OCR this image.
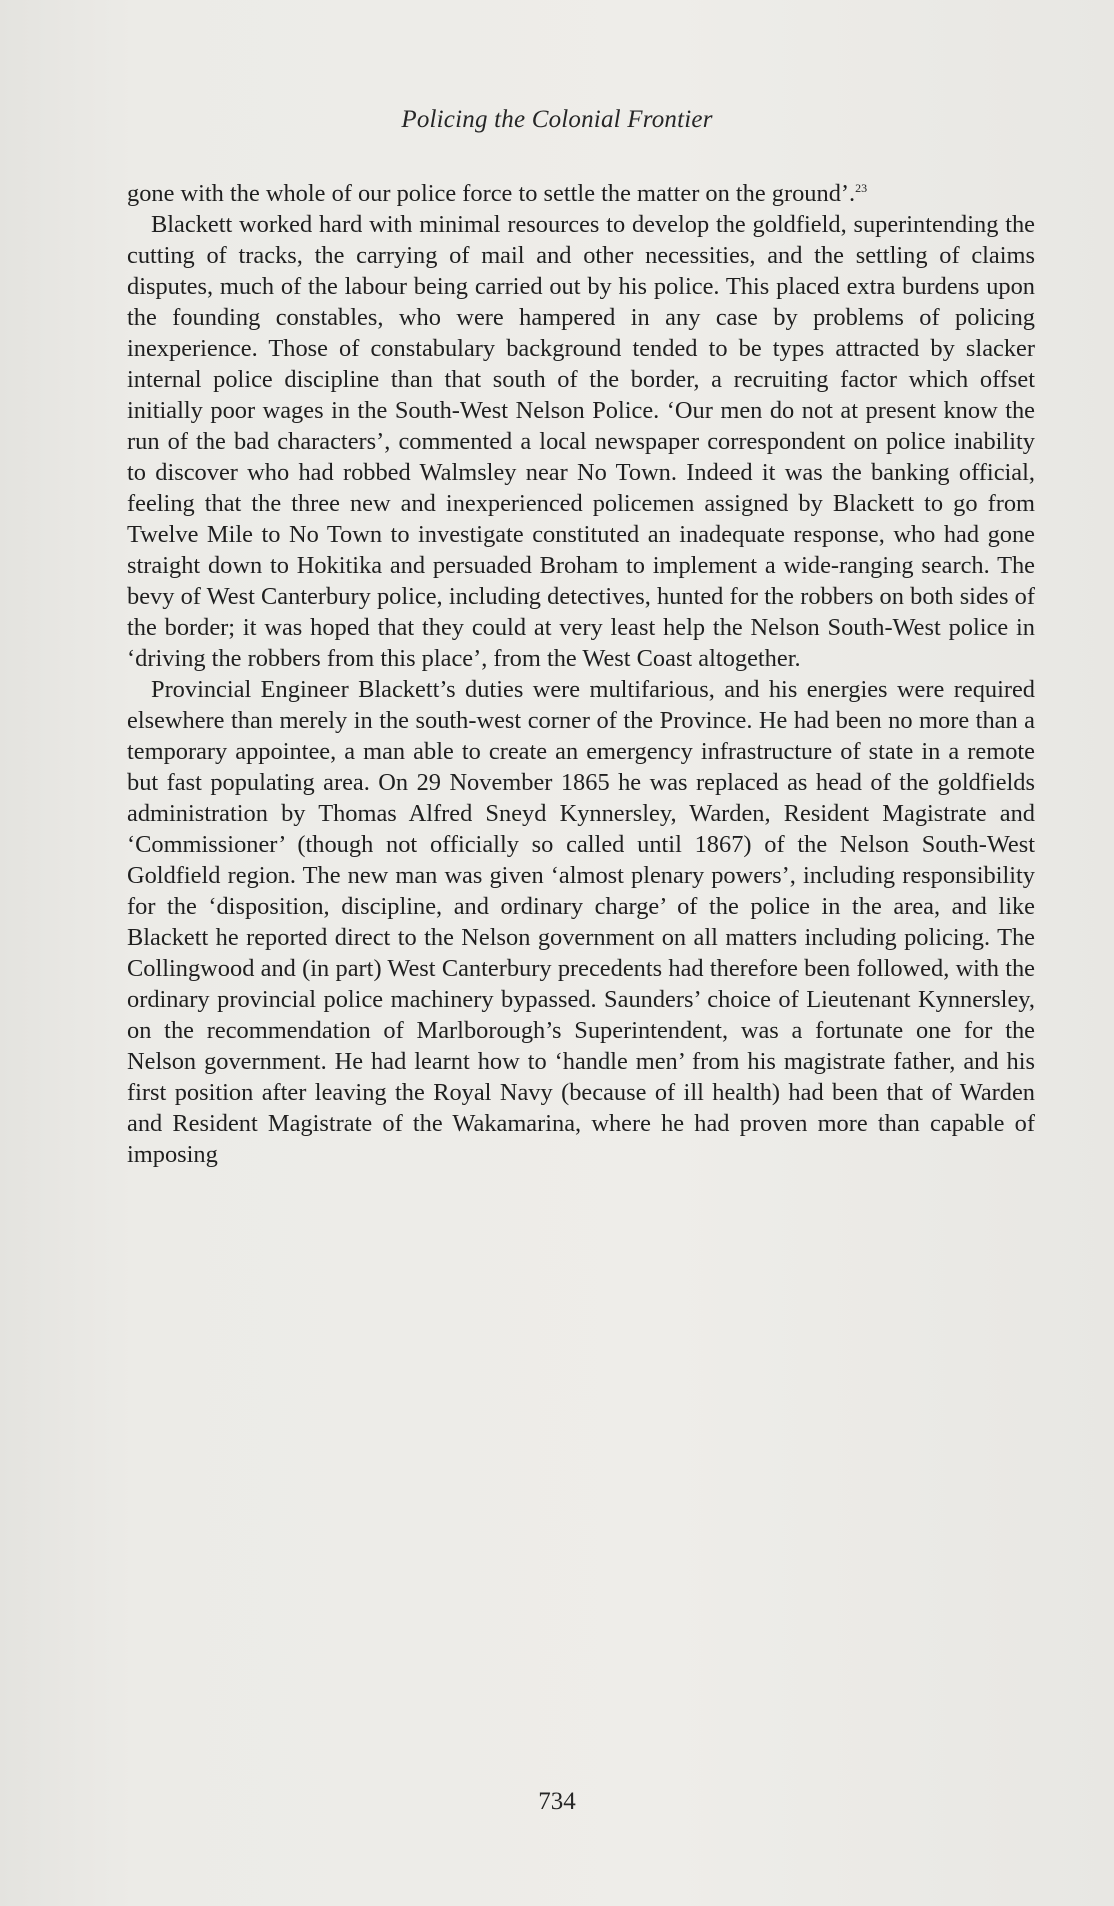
Policing the Colonial Frontier

gone with the whole of our police force to settle the matter on the ground’.$^{23}$

Blackett worked hard with minimal resources to develop the goldfield, superintending the cutting of tracks, the carrying of mail and other necessities, and the settling of claims disputes, much of the labour being carried out by his police. This placed extra burdens upon the founding constables, who were hampered in any case by problems of policing inexperience. Those of constabulary background tended to be types attracted by slacker internal police discipline than that south of the border, a recruiting factor which offset initially poor wages in the South-West Nelson Police. ‘Our men do not at present know the run of the bad characters’, commented a local newspaper correspondent on police inability to discover who had robbed Walmsley near No Town. Indeed it was the banking official, feeling that the three new and inexperienced policemen assigned by Blackett to go from Twelve Mile to No Town to investigate constituted an inadequate response, who had gone straight down to Hokitika and persuaded Broham to implement a wide-ranging search. The bevy of West Canterbury police, including detectives, hunted for the robbers on both sides of the border; it was hoped that they could at very least help the Nelson South-West police in ‘driving the robbers from this place’, from the West Coast altogether.

Provincial Engineer Blackett’s duties were multifarious, and his energies were required elsewhere than merely in the south-west corner of the Province. He had been no more than a temporary appointee, a man able to create an emergency infrastructure of state in a remote but fast populating area. On 29 November 1865 he was replaced as head of the goldfields administration by Thomas Alfred Sneyd Kynnersley, Warden, Resident Magistrate and ‘Commissioner’ (though not officially so called until 1867) of the Nelson South-West Goldfield region. The new man was given ‘almost plenary powers’, including responsibility for the ‘disposition, discipline, and ordinary charge’ of the police in the area, and like Blackett he reported direct to the Nelson government on all matters including policing. The Collingwood and (in part) West Canterbury precedents had therefore been followed, with the ordinary provincial police machinery bypassed. Saunders’ choice of Lieutenant Kynnersley, on the recommendation of Marlborough’s Superintendent, was a fortunate one for the Nelson government. He had learnt how to ‘handle men’ from his magistrate father, and his first position after leaving the Royal Navy (because of ill health) had been that of Warden and Resident Magistrate of the Wakamarina, where he had proven more than capable of imposing

734
